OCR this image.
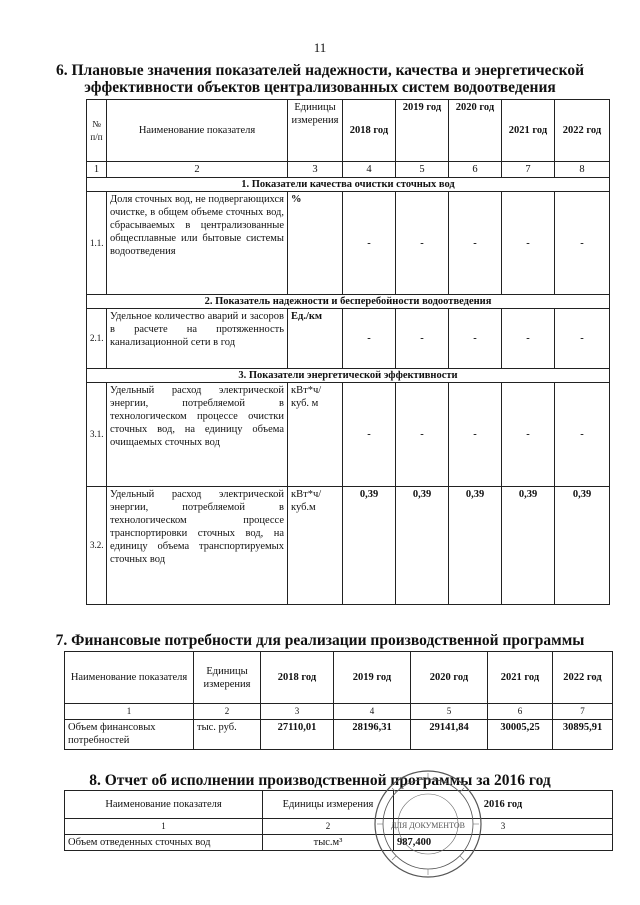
11
6. Плановые значения показателей надежности, качества и энергетической
эффективности объектов централизованных систем водоотведения
№ п/п	Наименование показателя	Единицы измерения	2018 год	2019 год	2020 год	2021 год	2022 год
1	2	3	4	5	6	7	8
1. Показатели качества очистки сточных вод							
1.1.	Доля сточных вод, не подвергающихся очистке, в общем объеме сточных вод, сбрасываемых в централизованные общесплавные или бытовые системы водоотведения	%	-	-	-	-	-
2. Показатель надежности и бесперебойности водоотведения							
2.1.	Удельное количество аварий и засоров в расчете на протяженность канализационной сети в год	Ед./км	-	-	-	-	-
3. Показатели энергетической эффективности							
3.1.	Удельный расход электрической энергии, потребляемой в технологическом процессе очистки сточных вод, на единицу объема очищаемых сточных вод	кВт*ч/ куб. м	-	-	-	-	-
3.2.	Удельный расход электрической энергии, потребляемой в технологическом процессе транспортировки сточных вод, на единицу объема транспортируемых сточных вод	кВт*ч/ куб.м	0,39	0,39	0,39	0,39	0,39
7. Финансовые потребности для реализации производственной программы
Наименование показателя	Единицы измерения	2018 год	2019 год	2020 год	2021 год	2022 год
1	2	3	4	5	6	7
Объем финансовых потребностей	тыс. руб.	27110,01	28196,31	29141,84	30005,25	30895,91
8. Отчет об исполнении производственной программы за 2016 год
Наименование показателя	Единицы измерения	2016 год
1	2	3
Объем отведенных сточных вод	тыс.м³	987,400
ДЛЯ ДОКУМЕНТОВ
